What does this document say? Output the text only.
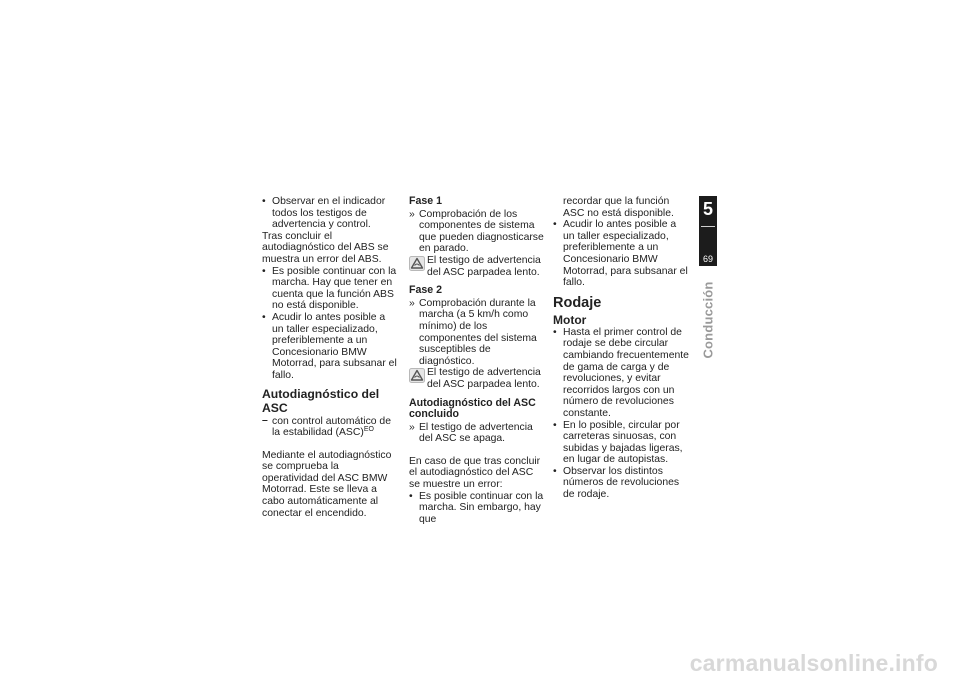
• Observar en el indicador todos los testigos de advertencia y control.
Tras concluir el autodiagnóstico del ABS se muestra un error del ABS.
• Es posible continuar con la marcha. Hay que tener en cuenta que la función ABS no está disponible.
• Acudir lo antes posible a un taller especializado, preferiblemente a un Concesionario BMW Motorrad, para subsanar el fallo.
Autodiagnóstico del ASC
– con control automático de la estabilidad (ASC)$^{EO}$
Mediante el autodiagnóstico se comprueba la operatividad del ASC BMW Motorrad. Este se lleva a cabo automáticamente al conectar el encendido.
Fase 1
» Comprobación de los componentes de sistema que pueden diagnosticarse en parado.
El testigo de advertencia del ASC parpadea lento.
Fase 2
» Comprobación durante la marcha (a 5 km/h como mínimo) de los componentes del sistema susceptibles de diagnóstico.
El testigo de advertencia del ASC parpadea lento.
Autodiagnóstico del ASC concluido
» El testigo de advertencia del ASC se apaga.
En caso de que tras concluir el autodiagnóstico del ASC se muestre un error:
• Es posible continuar con la marcha. Sin embargo, hay que
recordar que la función ASC no está disponible.
• Acudir lo antes posible a un taller especializado, preferiblemente a un Concesionario BMW Motorrad, para subsanar el fallo.
Rodaje
Motor
• Hasta el primer control de rodaje se debe circular cambiando frecuentemente de gama de carga y de revoluciones, y evitar recorridos largos con un número de revoluciones constante.
• En lo posible, circular por carreteras sinuosas, con subidas y bajadas ligeras, en lugar de autopistas.
• Observar los distintos números de revoluciones de rodaje.
5
69
Conducción
carmanualsonline.info
